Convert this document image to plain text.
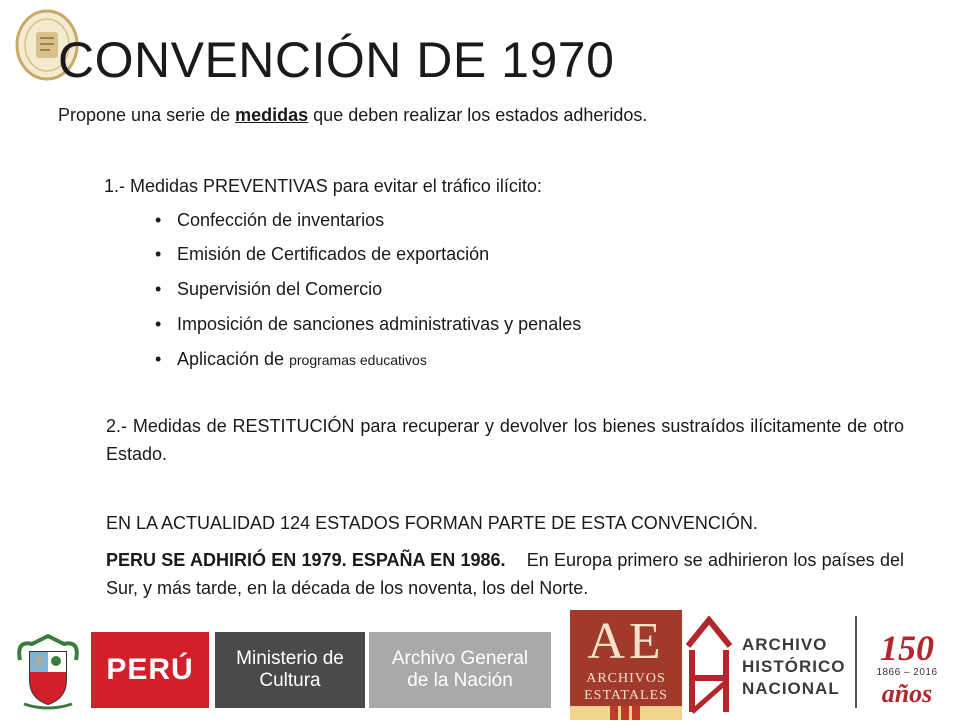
CONVENCIÓN DE 1970
Propone una serie de medidas que deben realizar los estados adheridos.
1.- Medidas PREVENTIVAS para evitar el tráfico ilícito:
• Confección de inventarios
• Emisión de Certificados de exportación
• Supervisión del Comercio
• Imposición de sanciones administrativas y penales
• Aplicación de programas educativos
2.- Medidas de RESTITUCIÓN para recuperar y devolver los bienes sustraídos ilícitamente de otro Estado.
EN LA ACTUALIDAD 124 ESTADOS FORMAN PARTE DE ESTA CONVENCIÓN.
PERU SE ADHIRIÓ EN 1979. ESPAÑA EN 1986. En Europa primero se adhirieron los países del Sur, y más tarde, en la década de los noventa, los del Norte.
PERÚ	Ministerio de
Cultura
Archivo General
de la Nación
AE
ARCHIVOS
ESTATALES
ARCHIVO
HISTÓRICO
NACIONAL
150
1866 – 2016
años
